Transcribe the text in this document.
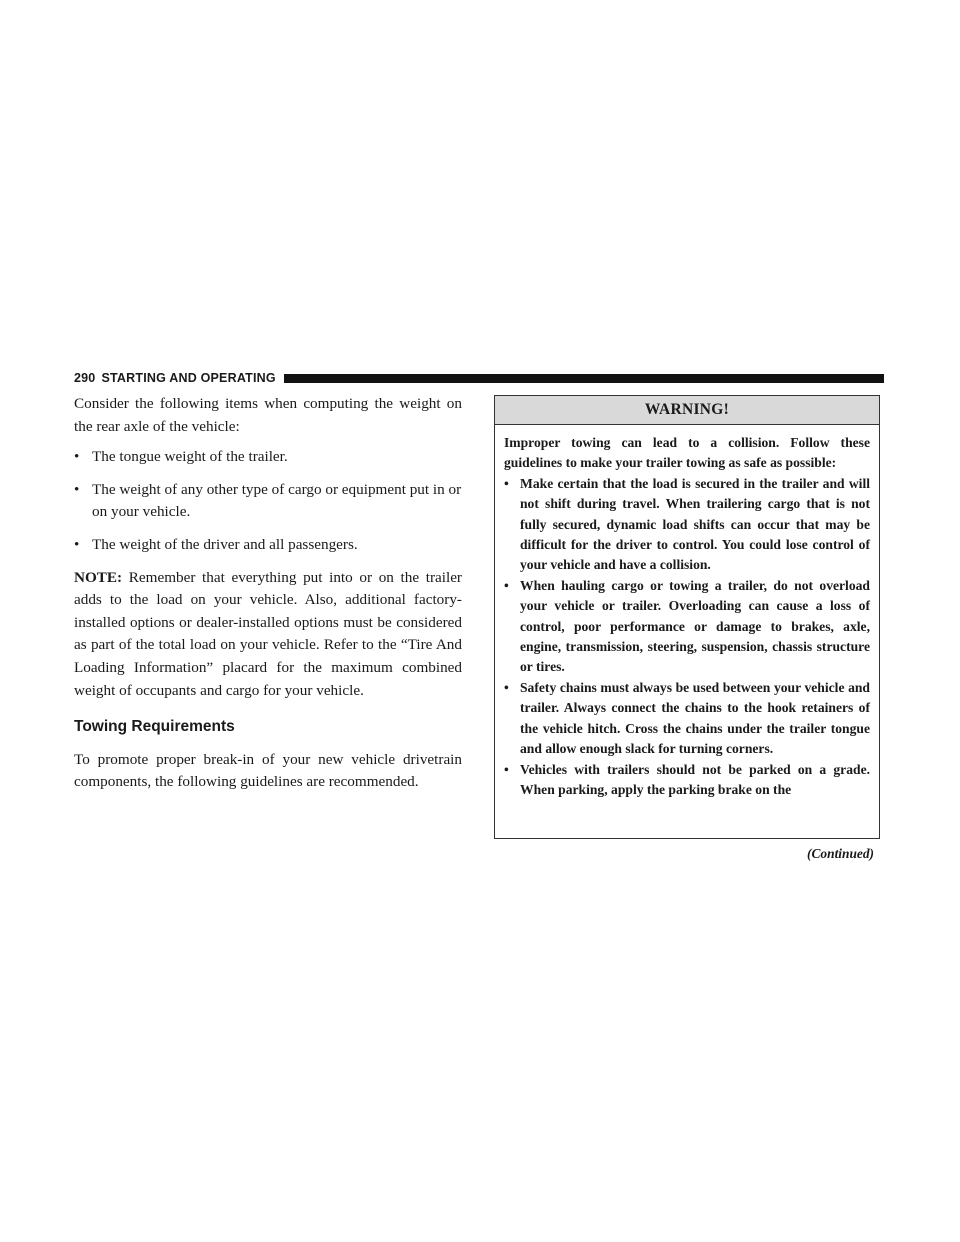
290 STARTING AND OPERATING

Consider the following items when computing the weight on the rear axle of the vehicle:

• The tongue weight of the trailer.
• The weight of any other type of cargo or equipment put in or on your vehicle.
• The weight of the driver and all passengers.

NOTE: Remember that everything put into or on the trailer adds to the load on your vehicle. Also, additional factory-installed options or dealer-installed options must be considered as part of the total load on your vehicle. Refer to the “Tire And Loading Information” placard for the maximum combined weight of occupants and cargo for your vehicle.

Towing Requirements

To promote proper break-in of your new vehicle drivetrain components, the following guidelines are recommended.

WARNING!

Improper towing can lead to a collision. Follow these guidelines to make your trailer towing as safe as possible:

• Make certain that the load is secured in the trailer and will not shift during travel. When trailering cargo that is not fully secured, dynamic load shifts can occur that may be difficult for the driver to control. You could lose control of your vehicle and have a collision.
• When hauling cargo or towing a trailer, do not overload your vehicle or trailer. Overloading can cause a loss of control, poor performance or damage to brakes, axle, engine, transmission, steering, suspension, chassis structure or tires.
• Safety chains must always be used between your vehicle and trailer. Always connect the chains to the hook retainers of the vehicle hitch. Cross the chains under the trailer tongue and allow enough slack for turning corners.
• Vehicles with trailers should not be parked on a grade. When parking, apply the parking brake on the
(Continued)
